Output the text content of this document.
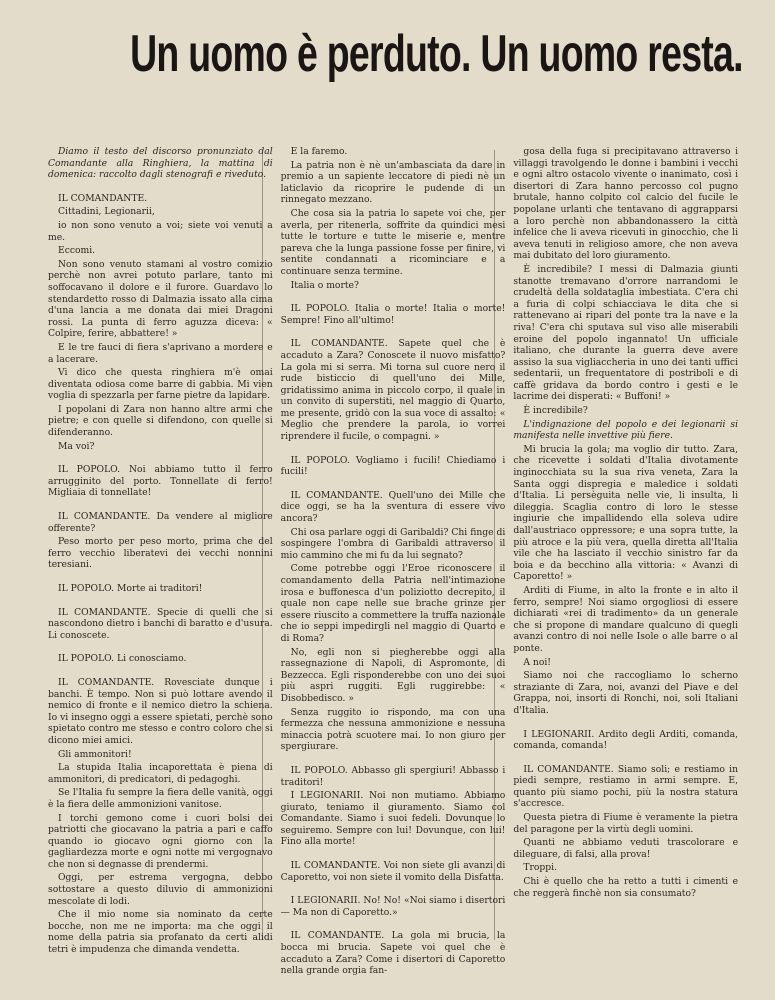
Un uomo è perduto. Un uomo resta.

Diamo il testo del discorso pronunziato dal Comandante alla Ringhiera, la mattina di domenica: raccolto dagli stenografi e riveduto.

IL COMANDANTE.

Cittadini, Legionarii,

io non sono venuto a voi; siete voi venuti a me.

Eccomi.

Non sono venuto stamani al vostro comizio perchè non avrei potuto parlare, tanto mi soffocavano il dolore e il furore. Guardavo lo stendardetto rosso di Dalmazia issato alla cima d'una lancia a me donata dai miei Dragoni rossi. La punta di ferro aguzza diceva: « Colpire, ferire, abbattere! »

E le tre fauci di fiera s'aprivano a mordere e a lacerare.

Vi dico che questa ringhiera m'è omai diventata odiosa come barre di gabbia. Mi vien voglia di spezzarla per farne pietre da lapidare.

I popolani di Zara non hanno altre armi che pietre; e con quelle si difendono, con quelle si difenderanno.

Ma voi?

IL POPOLO. Noi abbiamo tutto il ferro arrugginito del porto. Tonnellate di ferro! Migliaia di tonnellate!

IL COMANDANTE. Da vendere al migliore offerente?

Peso morto per peso morto, prima che del ferro vecchio liberatevi dei vecchi nonnini teresiani.

IL POPOLO. Morte ai traditori!

IL COMANDANTE. Specie di quelli che si nascondono dietro i banchi di baratto e d'usura. Li conoscete.

IL POPOLO. Li conosciamo.

IL COMANDANTE. Rovesciate dunque i banchi. È tempo. Non si può lottare avendo il nemico di fronte e il nemico dietro la schiena. Io vi insegno oggi a essere spietati, perchè sono spietato contro me stesso e contro coloro che si dicono miei amici.

Gli ammonitori!

La stupida Italia incaporettata è piena di ammonitori, di predicatori, di pedagoghi.

Se l'Italia fu sempre la fiera delle vanità, oggi è la fiera delle ammonizioni vanitose.

I torchi gemono come i cuori bolsi dei patriotti che giocavano la patria a pari e caffo quando io giocavo ogni giorno con la gagliardezza morte e ogni notte mi vergognavo che non si degnasse di prendermi.

Oggi, per estrema vergogna, debbo sottostare a questo diluvio di ammonizioni mescolate di lodi.

Che il mio nome sia nominato da certe bocche, non me ne importa: ma che oggi il nome della patria sia profanato da certi alidi tetri è impudenza che dimanda vendetta.

E la faremo.

La patria non è nè un'ambasciata da dare in premio a un sapiente leccatore di piedi nè un laticlavio da ricoprire le pudende di un rinnegato mezzano.

Che cosa sia la patria lo sapete voi che, per averla, per ritenerla, soffrite da quindici mesi tutte le torture e tutte le miserie e, mentre pareva che la lunga passione fosse per finire, vi sentite condannati a ricominciare e a continuare senza termine.

Italia o morte?

IL POPOLO. Italia o morte! Italia o morte! Sempre! Fino all'ultimo!

IL COMANDANTE. Sapete quel che è accaduto a Zara? Conoscete il nuovo misfatto? La gola mi si serra. Mi torna sul cuore nero il rude bisticcio di quell'uno dei Mille, gridatissimo anima in piccolo corpo, il quale in un convito di superstiti, nel maggio di Quarto, me presente, gridò con la sua voce di assalto: « Meglio che prendere la parola, io vorrei riprendere il fucile, o compagni. »

IL POPOLO. Vogliamo i fucili! Chiediamo i fucili!

IL COMANDANTE. Quell'uno dei Mille che dice oggi, se ha la sventura di essere vivo ancora?

Chi osa parlare oggi di Garibaldi? Chi finge di sospingere l'ombra di Garibaldi attraverso il mio cammino che mi fu da lui segnato?

Come potrebbe oggi l'Eroe riconoscere il comandamento della Patria nell'intimazione irosa e buffonesca d'un poliziotto decrepito, il quale non cape nelle sue brache grinze per essere riuscito a commettere la truffa nazionale che io seppi impedirgli nel maggio di Quarto e di Roma?

No, egli non si piegherebbe oggi alla rassegnazione di Napoli, di Aspromonte, di Bezzecca. Egli risponderebbe con uno dei suoi più aspri ruggiti. Egli ruggirebbe: « Disobbedisco. »

Senza ruggito io rispondo, ma con una fermezza che nessuna ammonizione e nessuna minaccia potrà scuotere mai. Io non giuro per spergiurare.

IL POPOLO. Abbasso gli spergiuri! Abbasso i traditori!

I LEGIONARII. Noi non mutiamo. Abbiamo giurato, teniamo il giuramento. Siamo col Comandante. Siamo i suoi fedeli. Dovunque lo seguiremo. Sempre con lui! Dovunque, con lui! Fino alla morte!

IL COMANDANTE. Voi non siete gli avanzi di Caporetto, voi non siete il vomito della Disfatta.

I LEGIONARII. No! No! «Noi siamo i disertori — Ma non di Caporetto.»

IL COMANDANTE. La gola mi brucia, la bocca mi brucia. Sapete voi quel che è accaduto a Zara? Come i disertori di Caporetto nella grande orgia fan-

gosa della fuga si precipitavano attraverso i villaggi travolgendo le donne i bambini i vecchi e ogni altro ostacolo vivente o inanimato, così i disertori di Zara hanno percosso col pugno brutale, hanno colpito col calcio del fucile le popolane urlanti che tentavano di aggrapparsi a loro perchè non abbandonassero la città infelice che li aveva ricevuti in ginocchio, che li aveva tenuti in religioso amore, che non aveva mai dubitato del loro giuramento.

È incredibile? I messi di Dalmazia giunti stanotte tremavano d'orrore narrandomi le crudeltà della soldataglia imbestiata. C'era chi a furia di colpi schiacciava le dita che si rattenevano ai ripari del ponte tra la nave e la riva! C'era chi sputava sul viso alle miserabili eroine del popolo ingannato! Un ufficiale italiano, che durante la guerra deve avere assiso la sua vigliaccheria in uno dei tanti uffici sedentarii, un frequentatore di postriboli e di caffè gridava da bordo contro i gesti e le lacrime dei disperati: « Buffoni! »

È incredibile?

L'indignazione del popolo e dei legionarii si manifesta nelle invettive più fiere.

Mi brucia la gola; ma voglio dir tutto. Zara, che ricevette i soldati d'Italia divotamente inginocchiata su la sua riva veneta, Zara la Santa oggi dispregia e maledice i soldati d'Italia. Li persèguita nelle vie, li insulta, li dileggia. Scaglia contro di loro le stesse ingiurie che impallidendo ella soleva udire dall'austriaco oppressore; e una sopra tutte, la più atroce e la più vera, quella diretta all'Italia vile che ha lasciato il vecchio sinistro far da boia e da becchino alla vittoria: « Avanzi di Caporetto! »

Arditi di Fiume, in alto la fronte e in alto il ferro, sempre! Noi siamo orgogliosi di essere dichiarati «rei di tradimento» da un generale che si propone di mandare qualcuno di quegli avanzi contro di noi nelle Isole o alle barre o al ponte.

A noi!

Siamo noi che raccogliamo lo scherno straziante di Zara, noi, avanzi del Piave e del Grappa, noi, insorti di Ronchi, noi, soli Italiani d'Italia.

I LEGIONARII. Ardito degli Arditi, comanda, comanda, comanda!

IL COMANDANTE. Siamo soli; e restiamo in piedi sempre, restiamo in armi sempre. E, quanto più siamo pochi, più la nostra statura s'accresce.

Questa pietra di Fiume è veramente la pietra del paragone per la virtù degli uomini.

Quanti ne abbiamo veduti trascolorare e dileguare, di falsi, alla prova!

Troppi.

Chi è quello che ha retto a tutti i cimenti e che reggerà finchè non sia consumato?
